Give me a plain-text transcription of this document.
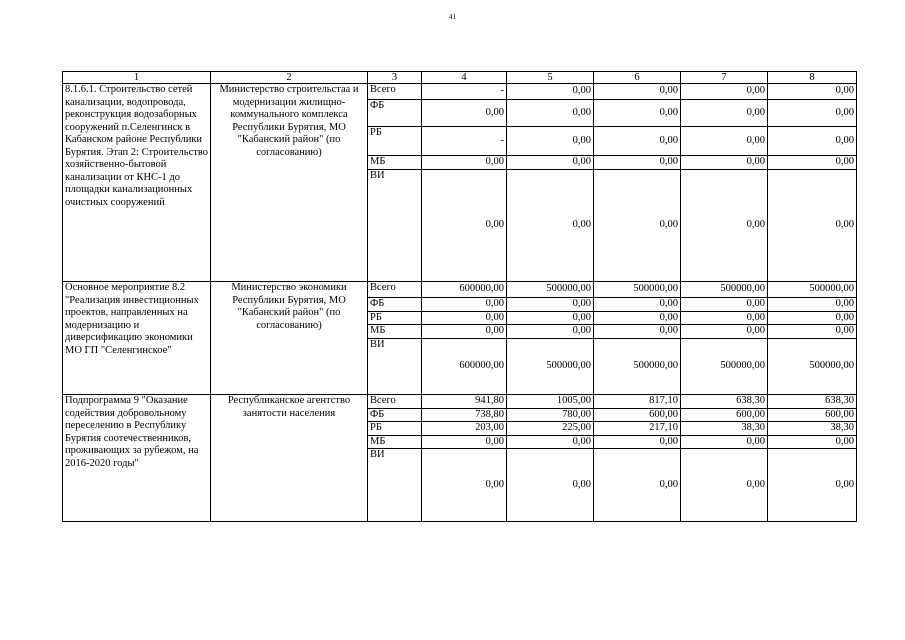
41
1	2	3	4	5	6	7	8
8.1.6.1. Строительство сетей канализации, водопровода, реконструкция водозаборных сооружений п.Селенгинск в Кабанском районе Республики Бурятия. Этап 2: Строительство хозяйственно-бытовой канализации от КНС-1 до площадки канализационных очистных сооружений	Министерство строительстаа и модернизации жилищно-коммунального комплекса Республики Бурятия, МО "Кабанский район" (по согласованию)	Всего	-	0,00	0,00	0,00	0,00
		ФБ	0,00	0,00	0,00	0,00	0,00
		РБ	-	0,00	0,00	0,00	0,00
		МБ	0,00	0,00	0,00	0,00	0,00
		ВИ	0,00	0,00	0,00	0,00	0,00
Основное мероприятие 8.2 "Реализация инвестиционных проектов, направленных на модернизацию и диверсификацию экономики МО ГП "Селенгинское"	Министерство экономики Республики Бурятия, МО "Кабанский район" (по согласованию)	Всего	600000,00	500000,00	500000,00	500000,00	500000,00
		ФБ	0,00	0,00	0,00	0,00	0,00
		РБ	0,00	0,00	0,00	0,00	0,00
		МБ	0,00	0,00	0,00	0,00	0,00
		ВИ	600000,00	500000,00	500000,00	500000,00	500000,00
Подпрограмма 9 "Оказание содействия добровольному переселению в Республику Бурятия соотечественников, проживающих за рубежом, на 2016-2020 годы"	Республиканское агентство занятости населения	Всего	941,80	1005,00	817,10	638,30	638,30
		ФБ	738,80	780,00	600,00	600,00	600,00
		РБ	203,00	225,00	217,10	38,30	38,30
		МБ	0,00	0,00	0,00	0,00	0,00
		ВИ	0,00	0,00	0,00	0,00	0,00
